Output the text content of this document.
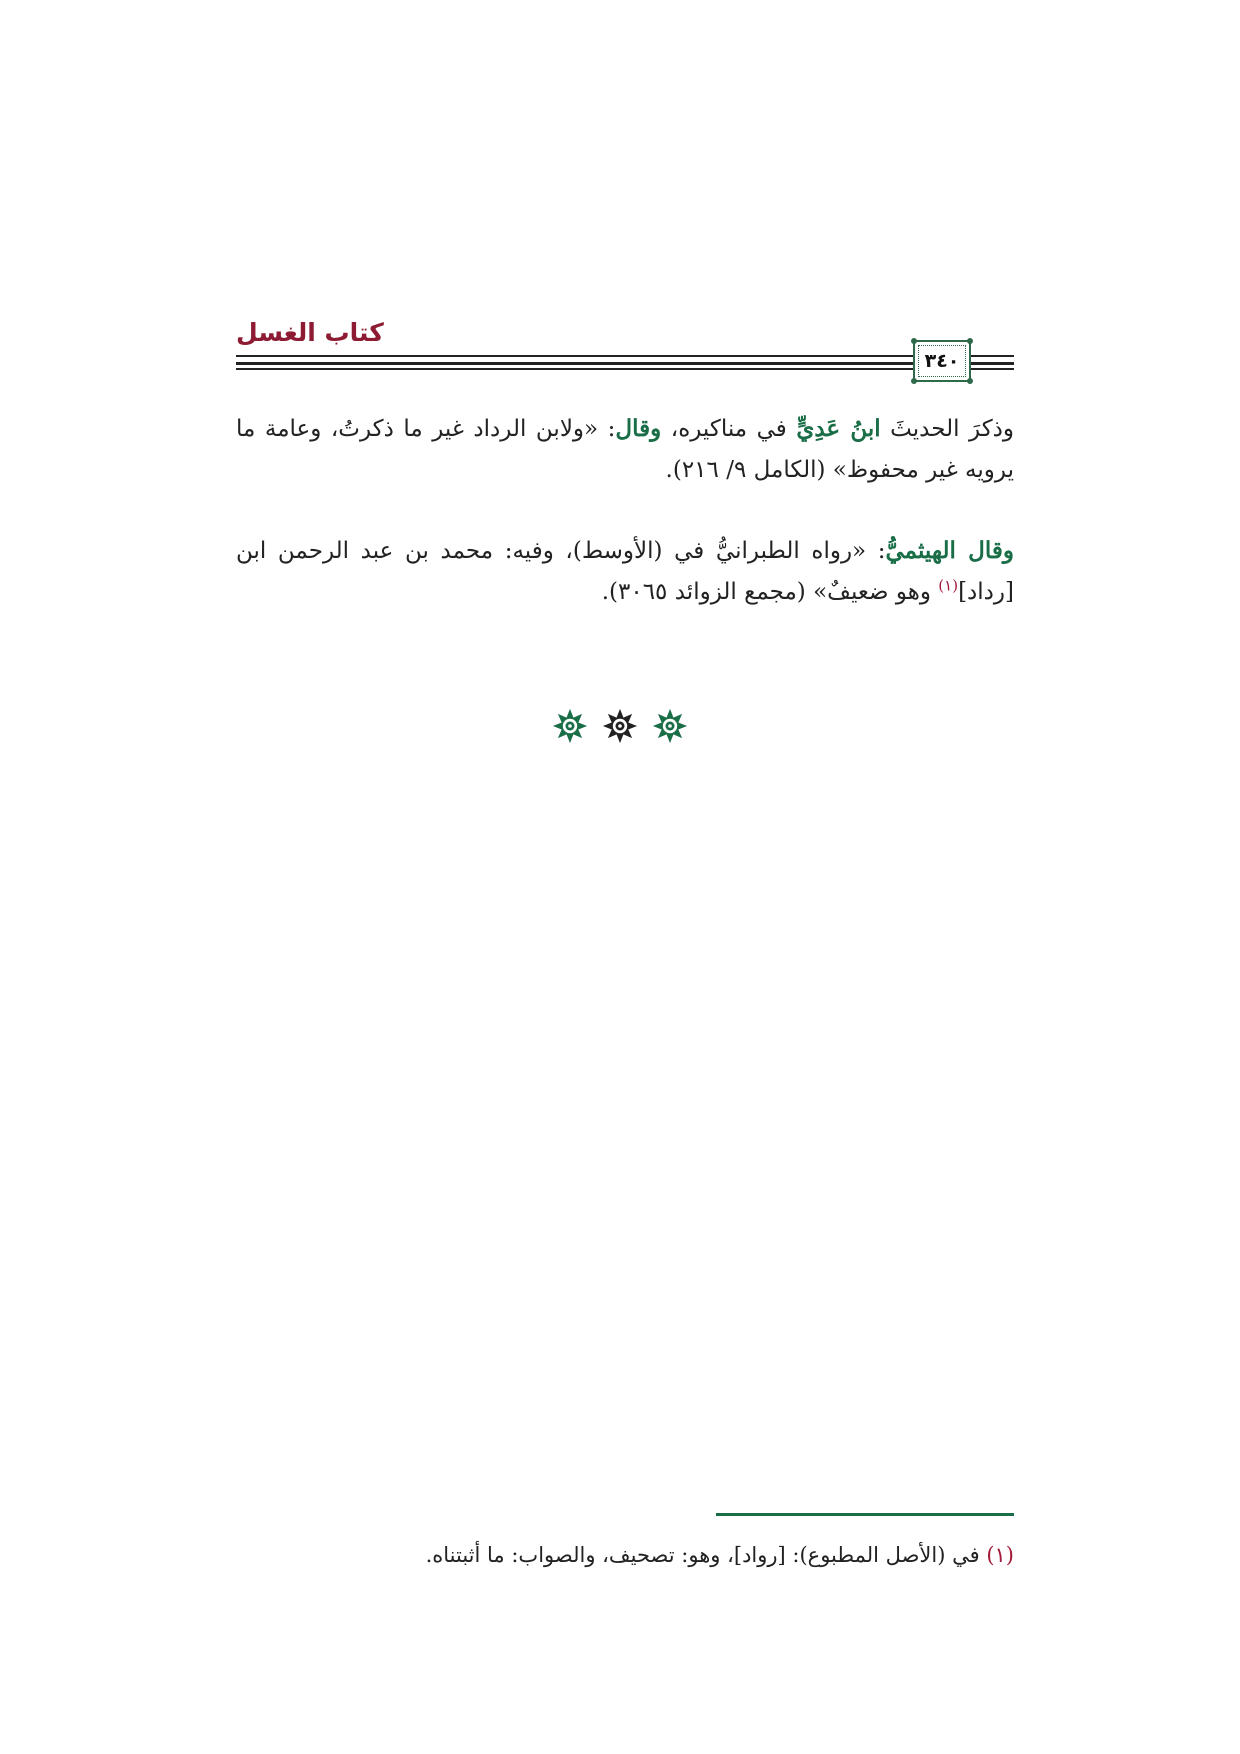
كتاب الغسل
٣٤٠
وذكرَ الحديثَ ابنُ عَدِيٍّ في مناكيره، وقال: «ولابن الرداد غير ما ذكرتُ، وعامة ما يرويه غير محفوظ» (الكامل ٩/ ٢١٦).
وقال الهيثميُّ: «رواه الطبرانيُّ في (الأوسط)، وفيه: محمد بن عبد الرحمن ابن [رداد]$^{(١)}$ وهو ضعيفٌ» (مجمع الزوائد ٣٠٦٥).
(١) في (الأصل المطبوع): [رواد]، وهو: تصحيف، والصواب: ما أثبتناه.
